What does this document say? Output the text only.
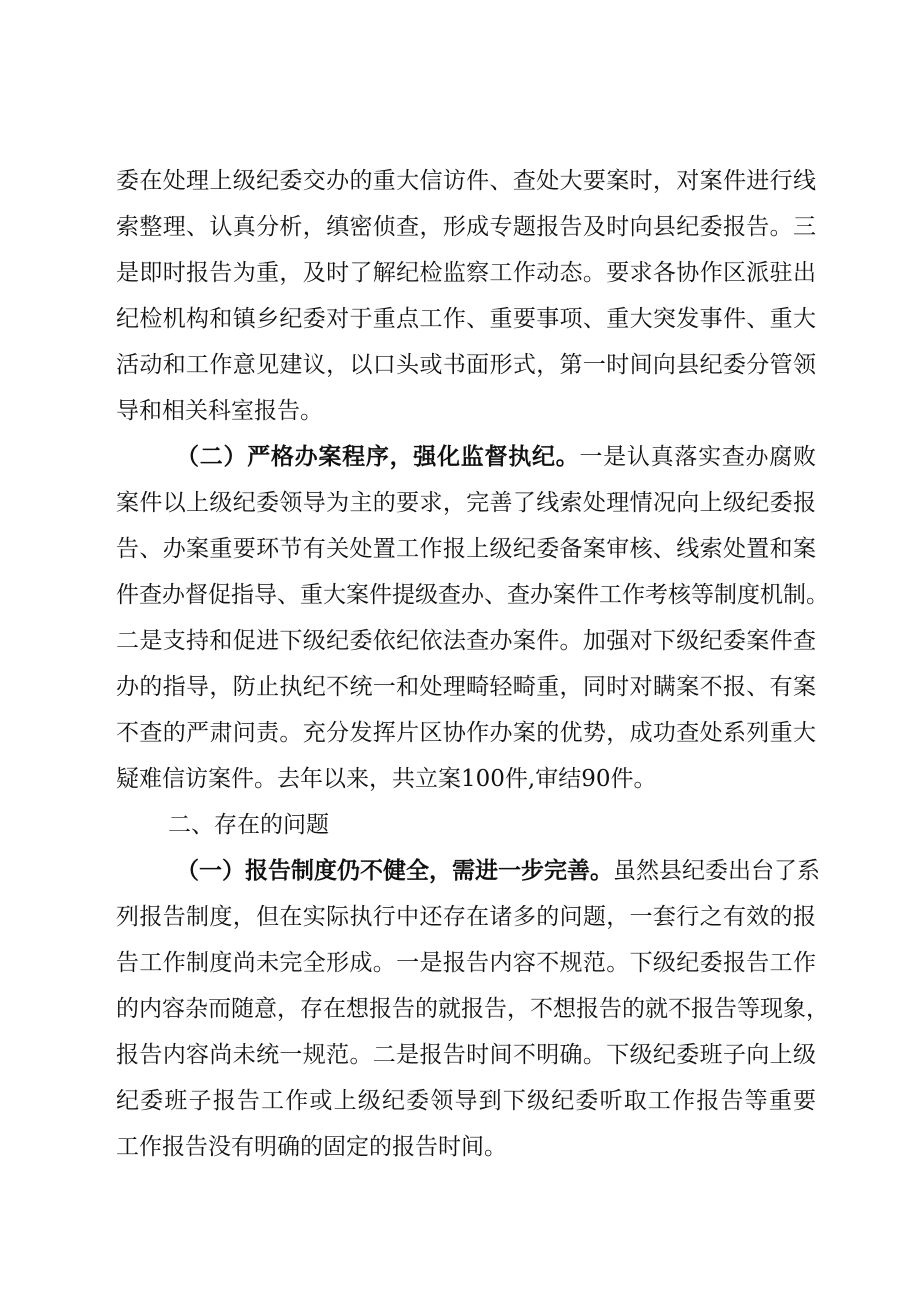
委在处理上级纪委交办的重大信访件、查处大要案时，对案件进行线
索整理、认真分析，缜密侦查，形成专题报告及时向县纪委报告。三
是即时报告为重，及时了解纪检监察工作动态。要求各协作区派驻出
纪检机构和镇乡纪委对于重点工作、重要事项、重大突发事件、重大
活动和工作意见建议，以口头或书面形式，第一时间向县纪委分管领
导和相关科室报告。
（二）严格办案程序，强化监督执纪。一是认真落实查办腐败
案件以上级纪委领导为主的要求，完善了线索处理情况向上级纪委报
告、办案重要环节有关处置工作报上级纪委备案审核、线索处置和案
件查办督促指导、重大案件提级查办、查办案件工作考核等制度机制。
二是支持和促进下级纪委依纪依法查办案件。加强对下级纪委案件查
办的指导，防止执纪不统一和处理畸轻畸重，同时对瞒案不报、有案
不查的严肃问责。充分发挥片区协作办案的优势，成功查处系列重大
疑难信访案件。去年以来，共立案100件,审结90件。
二、存在的问题
（一）报告制度仍不健全，需进一步完善。虽然县纪委出台了系
列报告制度，但在实际执行中还存在诸多的问题，一套行之有效的报
告工作制度尚未完全形成。一是报告内容不规范。下级纪委报告工作
的内容杂而随意，存在想报告的就报告，不想报告的就不报告等现象，
报告内容尚未统一规范。二是报告时间不明确。下级纪委班子向上级
纪委班子报告工作或上级纪委领导到下级纪委听取工作报告等重要
工作报告没有明确的固定的报告时间。
